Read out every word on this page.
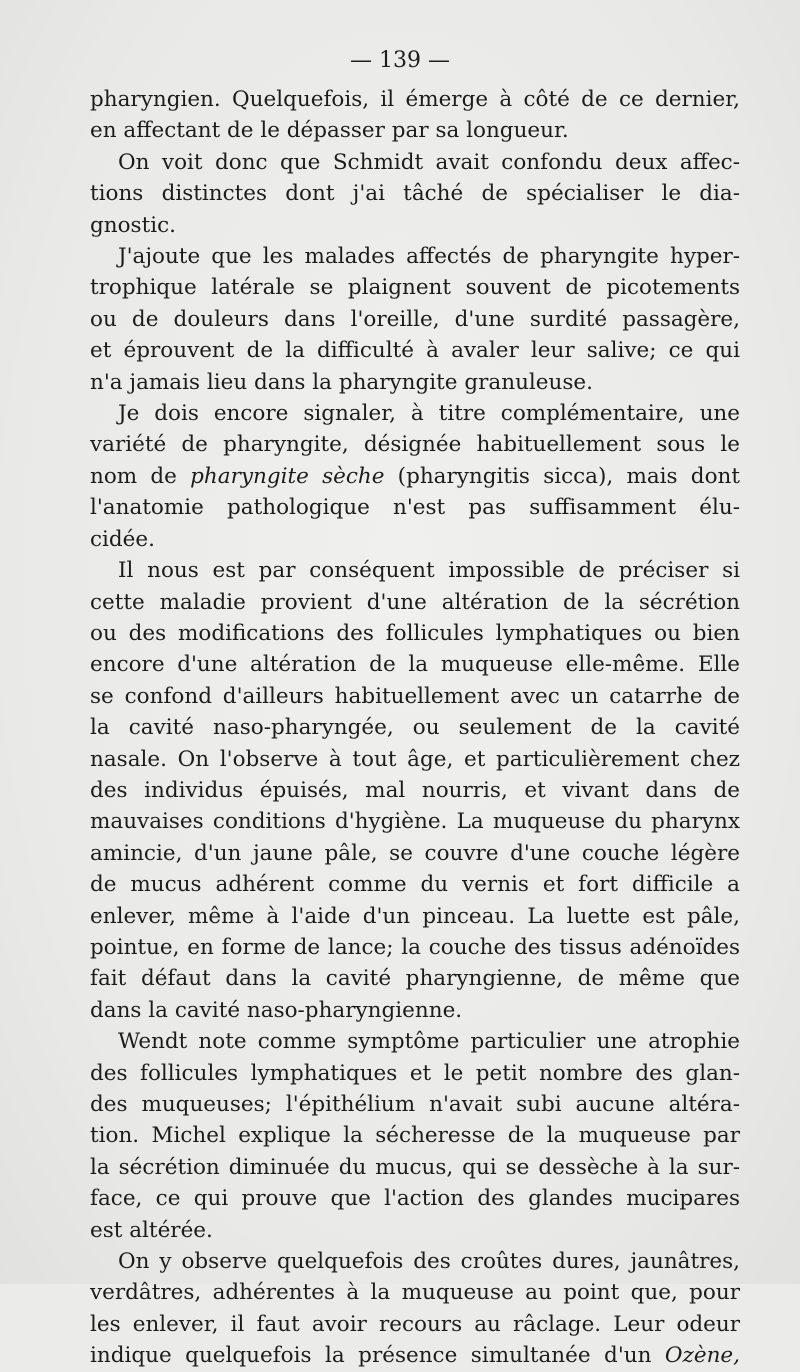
— 139 —
pharyngien. Quelquefois, il émerge à côté de ce dernier,
en affectant de le dépasser par sa longueur.
On voit donc que Schmidt avait confondu deux affec-
tions distinctes dont j'ai tâché de spécialiser le dia-
gnostic.
J'ajoute que les malades affectés de pharyngite hyper-
trophique latérale se plaignent souvent de picotements
ou de douleurs dans l'oreille, d'une surdité passagère,
et éprouvent de la difficulté à avaler leur salive; ce qui
n'a jamais lieu dans la pharyngite granuleuse.
Je dois encore signaler, à titre complémentaire, une
variété de pharyngite, désignée habituellement sous le
nom de pharyngite sèche (pharyngitis sicca), mais dont
l'anatomie pathologique n'est pas suffisamment élu-
cidée.
Il nous est par conséquent impossible de préciser si
cette maladie provient d'une altération de la sécrétion
ou des modifications des follicules lymphatiques ou bien
encore d'une altération de la muqueuse elle-même. Elle
se confond d'ailleurs habituellement avec un catarrhe de
la cavité naso-pharyngée, ou seulement de la cavité
nasale. On l'observe à tout âge, et particulièrement chez
des individus épuisés, mal nourris, et vivant dans de
mauvaises conditions d'hygiène. La muqueuse du pharynx
amincie, d'un jaune pâle, se couvre d'une couche légère
de mucus adhérent comme du vernis et fort difficile a
enlever, même à l'aide d'un pinceau. La luette est pâle,
pointue, en forme de lance; la couche des tissus adénoïdes
fait défaut dans la cavité pharyngienne, de même que
dans la cavité naso-pharyngienne.
Wendt note comme symptôme particulier une atrophie
des follicules lymphatiques et le petit nombre des glan-
des muqueuses; l'épithélium n'avait subi aucune altéra-
tion. Michel explique la sécheresse de la muqueuse par
la sécrétion diminuée du mucus, qui se dessèche à la sur-
face, ce qui prouve que l'action des glandes mucipares
est altérée.
On y observe quelquefois des croûtes dures, jaunâtres,
verdâtres, adhérentes à la muqueuse au point que, pour
les enlever, il faut avoir recours au râclage. Leur odeur
indique quelquefois la présence simultanée d'un Ozène,
